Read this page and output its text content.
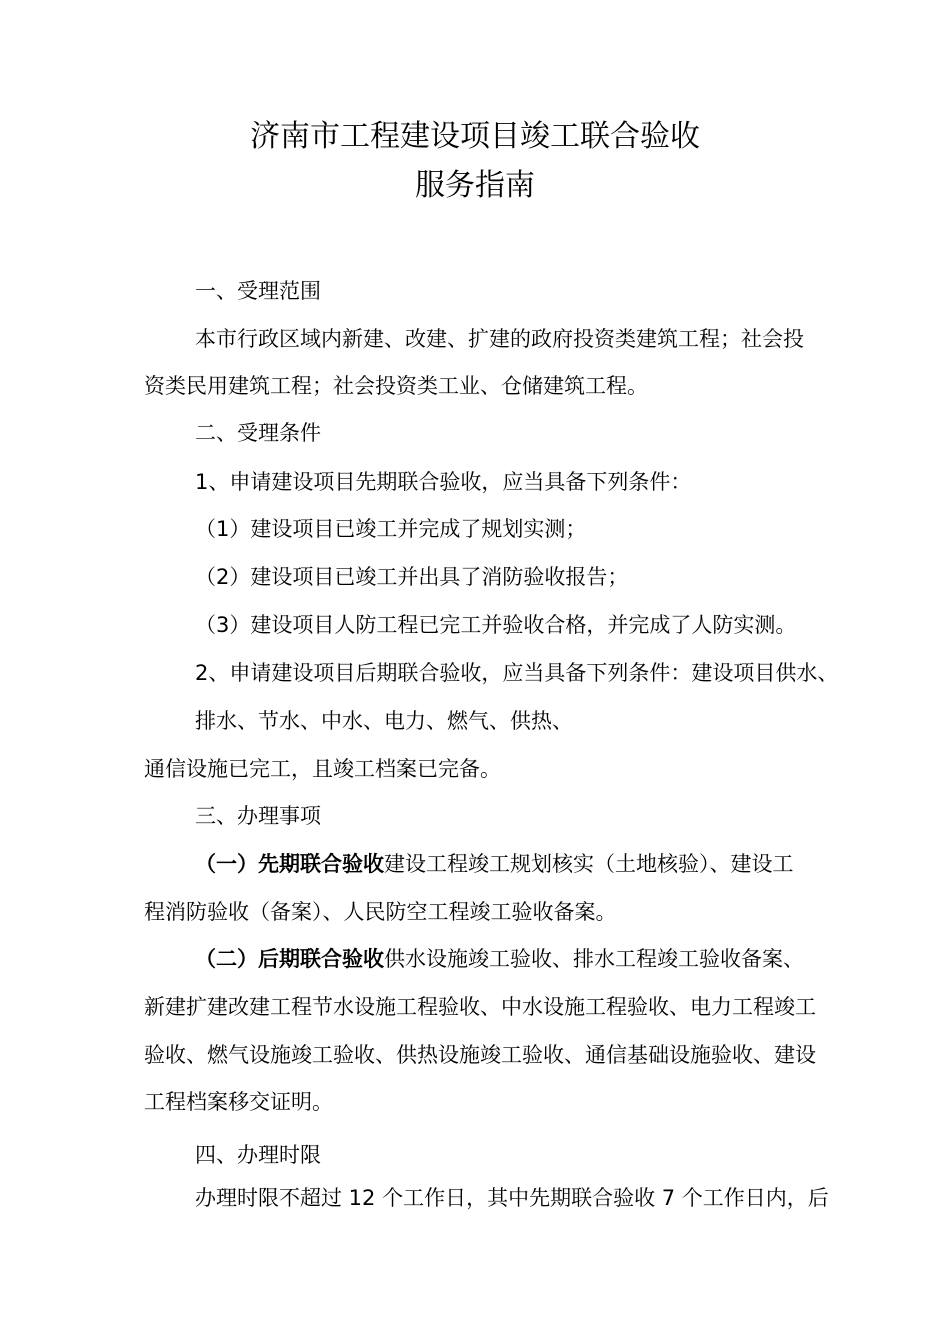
济南市工程建设项目竣工联合验收
服务指南
一、受理范围
本市行政区域内新建、改建、扩建的政府投资类建筑工程；社会投
资类民用建筑工程；社会投资类工业、仓储建筑工程。
二、受理条件
1、申请建设项目先期联合验收，应当具备下列条件：
（1）建设项目已竣工并完成了规划实测；
（2）建设项目已竣工并出具了消防验收报告；
（3）建设项目人防工程已完工并验收合格，并完成了人防实测。
2、申请建设项目后期联合验收，应当具备下列条件：建设项目供水、
排水、节水、中水、电力、燃气、供热、
通信设施已完工，且竣工档案已完备。
三、办理事项
（一）先期联合验收建设工程竣工规划核实（土地核验）、建设工
程消防验收（备案）、人民防空工程竣工验收备案。
（二）后期联合验收供水设施竣工验收、排水工程竣工验收备案、
新建扩建改建工程节水设施工程验收、中水设施工程验收、电力工程竣工
验收、燃气设施竣工验收、供热设施竣工验收、通信基础设施验收、建设
工程档案移交证明。
四、办理时限
办理时限不超过 12 个工作日，其中先期联合验收 7 个工作日内，后
